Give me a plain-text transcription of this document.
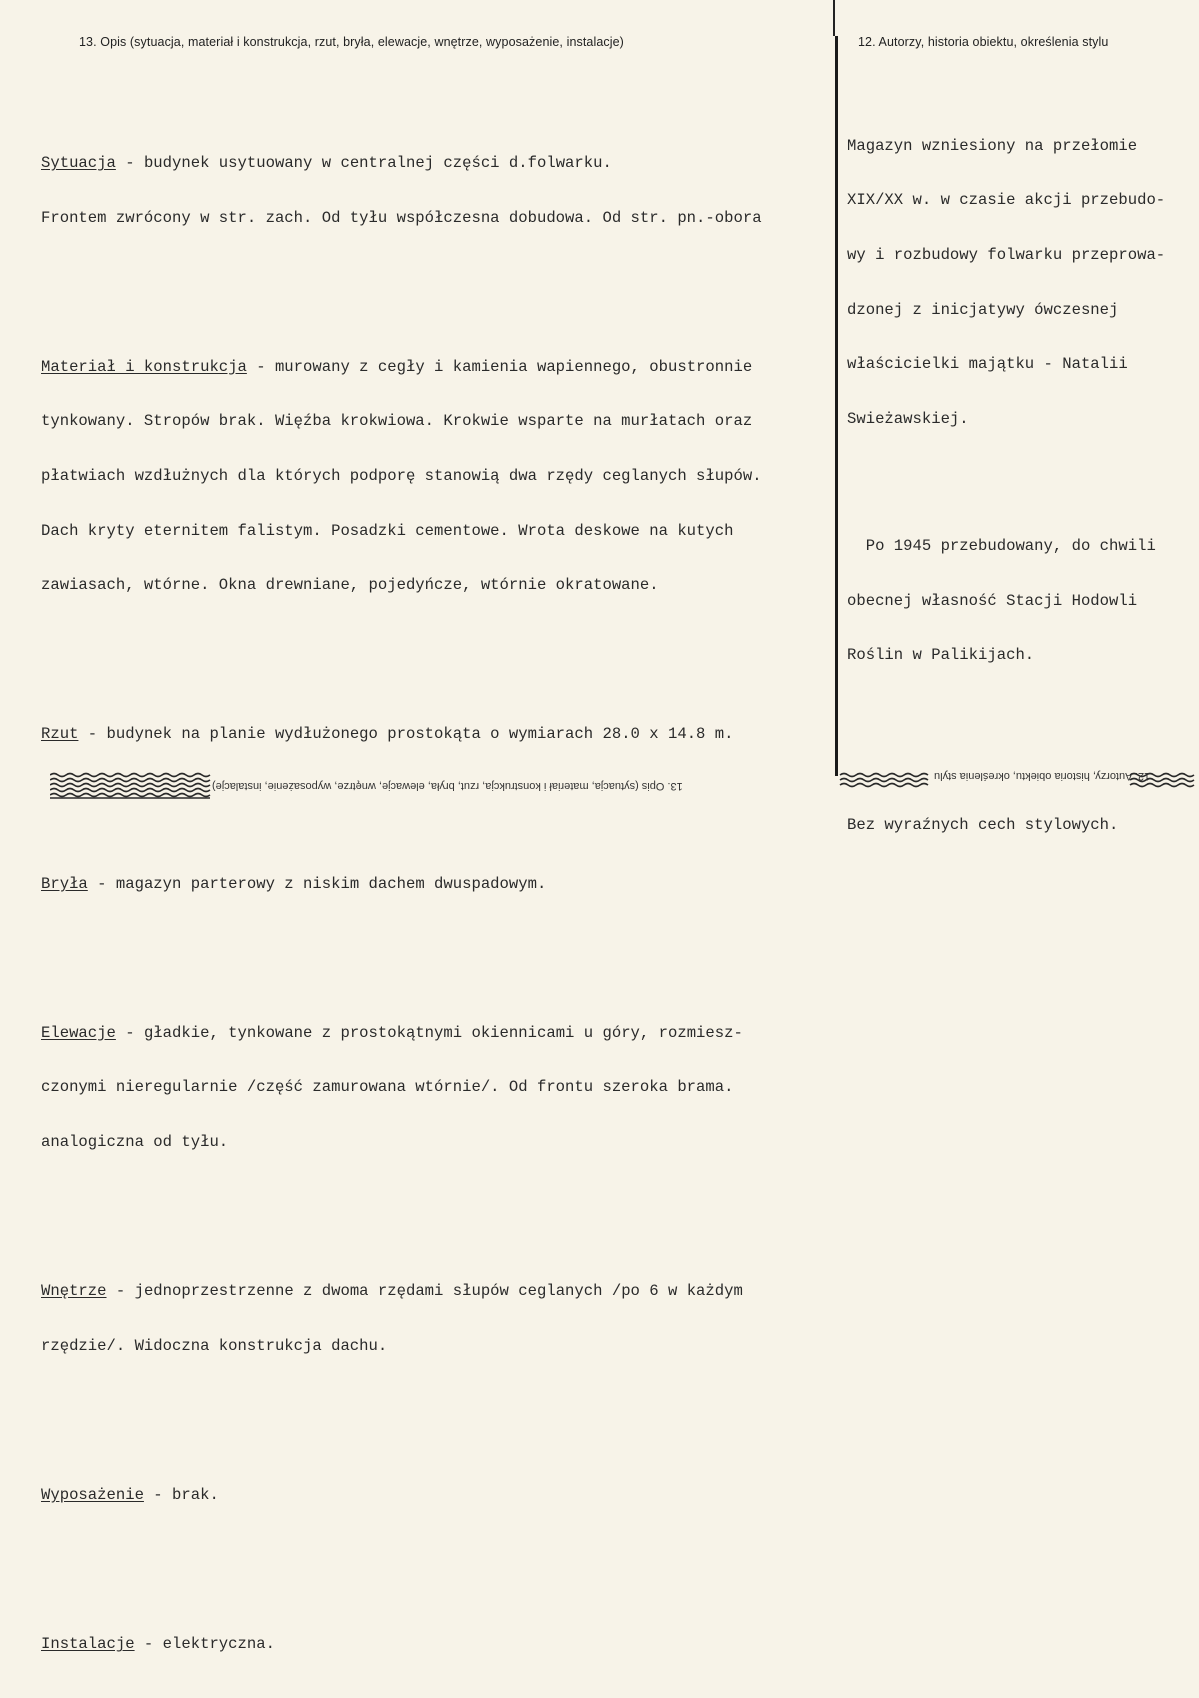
13. Opis (sytuacja, materiał i konstrukcja, rzut, bryła, elewacje, wnętrze, wyposażenie, instalacje)	12. Autorzy, historia obiektu, określenia stylu

Sytuacja - budynek usytuowany w centralnej części d.folwarku.

Frontem zwrócony w str. zach. Od tyłu współczesna dobudowa. Od str. pn.-obora

Materiał i konstrukcja - murowany z cegły i kamienia wapiennego, obustronnie

tynkowany. Stropów brak. Więźba krokwiowa. Krokwie wsparte na murłatach oraz

płatwiach wzdłużnych dla których podporę stanowią dwa rzędy ceglanych słupów.

Dach kryty eternitem falistym. Posadzki cementowe. Wrota deskowe na kutych

zawiasach, wtórne. Okna drewniane, pojedyńcze, wtórnie okratowane.

Rzut - budynek na planie wydłużonego prostokąta o wymiarach 28.0 x 14.8 m.

Bryła - magazyn parterowy z niskim dachem dwuspadowym.

Elewacje - gładkie, tynkowane z prostokątnymi okiennicami u góry, rozmiesz-

czonymi nieregularnie /część zamurowana wtórnie/. Od frontu szeroka brama.

analogiczna od tyłu.

Wnętrze - jednoprzestrzenne z dwoma rzędami słupów ceglanych /po 6 w każdym

rzędzie/. Widoczna konstrukcja dachu.

Wyposażenie - brak.

Instalacje - elektryczna.

Magazyn wzniesiony na przełomie

XIX/XX w. w czasie akcji przebudo-

wy i rozbudowy folwarku przeprowa-

dzonej z inicjatywy ówczesnej

właścicielki majątku - Natalii

Swieżawskiej.

Po 1945 przebudowany, do chwili

obecnej własność Stacji Hodowli

Roślin w Palikijach.

Bez wyraźnych cech stylowych.

13. Opis (sytuacja, materiał i konstrukcja, rzut, bryła, elewacje, wnętrze, wyposażenie, instalacje)
12. Autorzy, historia obiektu, określenia stylu
